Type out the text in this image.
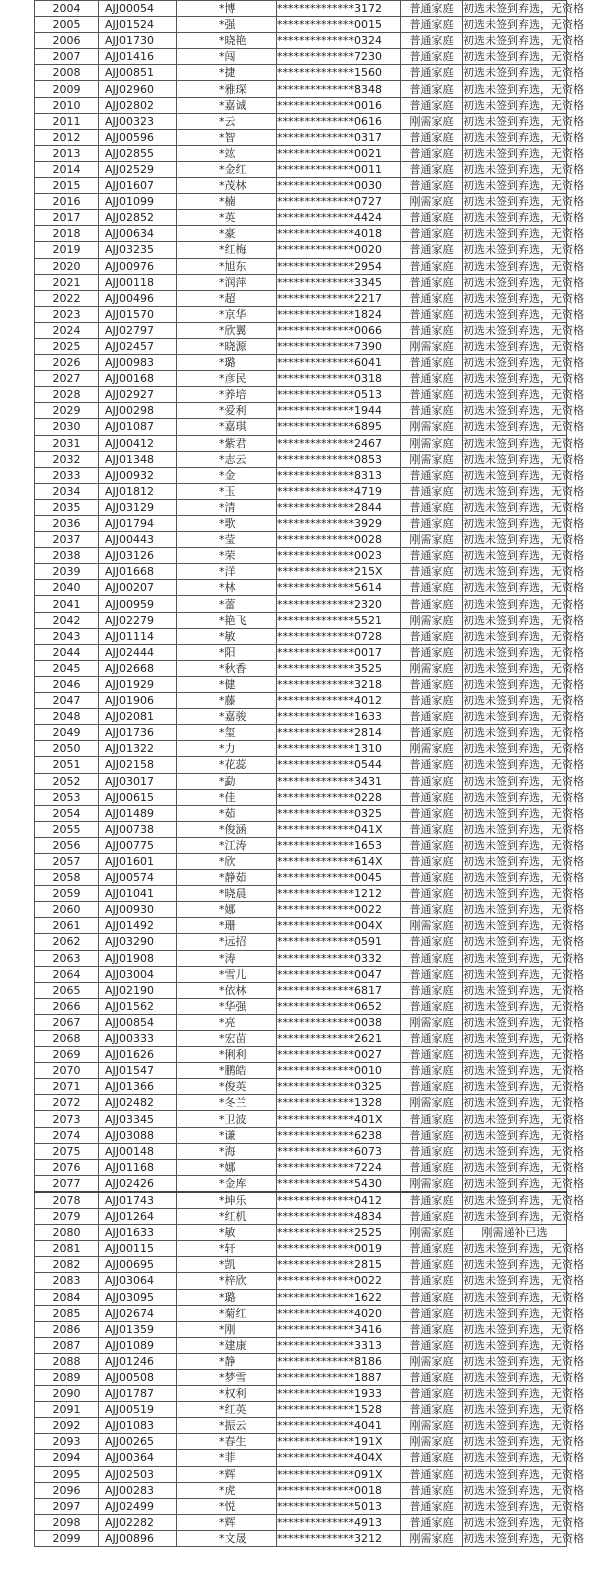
2004	AJJ00054	*博	**************3172	普通家庭	初选未签到弃选，无资格
2005	AJJ01524	*强	**************0015	普通家庭	初选未签到弃选，无资格
2006	AJJ01730	*晓艳	**************0324	普通家庭	初选未签到弃选，无资格
2007	AJJ01416	*闯	**************7230	普通家庭	初选未签到弃选，无资格
2008	AJJ00851	*捷	**************1560	普通家庭	初选未签到弃选，无资格
2009	AJJ02960	*雅琛	**************8348	普通家庭	初选未签到弃选，无资格
2010	AJJ02802	*嘉诚	**************0016	普通家庭	初选未签到弃选，无资格
2011	AJJ00323	*云	**************0616	刚需家庭	初选未签到弃选，无资格
2012	AJJ00596	*智	**************0317	普通家庭	初选未签到弃选，无资格
2013	AJJ02855	*竑	**************0021	普通家庭	初选未签到弃选，无资格
2014	AJJ02529	*金红	**************0011	普通家庭	初选未签到弃选，无资格
2015	AJJ01607	*茂林	**************0030	普通家庭	初选未签到弃选，无资格
2016	AJJ01099	*楠	**************0727	刚需家庭	初选未签到弃选，无资格
2017	AJJ02852	*英	**************4424	普通家庭	初选未签到弃选，无资格
2018	AJJ00634	*豪	**************4018	普通家庭	初选未签到弃选，无资格
2019	AJJ03235	*红梅	**************0020	普通家庭	初选未签到弃选，无资格
2020	AJJ00976	*旭东	**************2954	普通家庭	初选未签到弃选，无资格
2021	AJJ00118	*润萍	**************3345	普通家庭	初选未签到弃选，无资格
2022	AJJ00496	*超	**************2217	普通家庭	初选未签到弃选，无资格
2023	AJJ01570	*京华	**************1824	普通家庭	初选未签到弃选，无资格
2024	AJJ02797	*欣翼	**************0066	普通家庭	初选未签到弃选，无资格
2025	AJJ02457	*晓源	**************7390	刚需家庭	初选未签到弃选，无资格
2026	AJJ00983	*璐	**************6041	普通家庭	初选未签到弃选，无资格
2027	AJJ00168	*彦民	**************0318	普通家庭	初选未签到弃选，无资格
2028	AJJ02927	*养培	**************0513	普通家庭	初选未签到弃选，无资格
2029	AJJ00298	*爱利	**************1944	普通家庭	初选未签到弃选，无资格
2030	AJJ01087	*嘉琪	**************6895	刚需家庭	初选未签到弃选，无资格
2031	AJJ00412	*紫君	**************2467	刚需家庭	初选未签到弃选，无资格
2032	AJJ01348	*志云	**************0853	刚需家庭	初选未签到弃选，无资格
2033	AJJ00932	*金	**************8313	普通家庭	初选未签到弃选，无资格
2034	AJJ01812	*玉	**************4719	普通家庭	初选未签到弃选，无资格
2035	AJJ03129	*清	**************2844	普通家庭	初选未签到弃选，无资格
2036	AJJ01794	*歌	**************3929	普通家庭	初选未签到弃选，无资格
2037	AJJ00443	*莹	**************0028	刚需家庭	初选未签到弃选，无资格
2038	AJJ03126	*荣	**************0023	普通家庭	初选未签到弃选，无资格
2039	AJJ01668	*洋	**************215X	普通家庭	初选未签到弃选，无资格
2040	AJJ00207	*林	**************5614	普通家庭	初选未签到弃选，无资格
2041	AJJ00959	*蕾	**************2320	普通家庭	初选未签到弃选，无资格
2042	AJJ02279	*艳飞	**************5521	刚需家庭	初选未签到弃选，无资格
2043	AJJ01114	*敏	**************0728	普通家庭	初选未签到弃选，无资格
2044	AJJ02444	*阳	**************0017	普通家庭	初选未签到弃选，无资格
2045	AJJ02668	*秋香	**************3525	刚需家庭	初选未签到弃选，无资格
2046	AJJ01929	*健	**************3218	普通家庭	初选未签到弃选，无资格
2047	AJJ01906	*藤	**************4012	普通家庭	初选未签到弃选，无资格
2048	AJJ02081	*嘉骏	**************1633	普通家庭	初选未签到弃选，无资格
2049	AJJ01736	*玺	**************2814	普通家庭	初选未签到弃选，无资格
2050	AJJ01322	*力	**************1310	刚需家庭	初选未签到弃选，无资格
2051	AJJ02158	*花蕊	**************0544	普通家庭	初选未签到弃选，无资格
2052	AJJ03017	*勐	**************3431	普通家庭	初选未签到弃选，无资格
2053	AJJ00615	*佳	**************0228	普通家庭	初选未签到弃选，无资格
2054	AJJ01489	*茹	**************0325	普通家庭	初选未签到弃选，无资格
2055	AJJ00738	*俊涵	**************041X	普通家庭	初选未签到弃选，无资格
2056	AJJ00775	*江涛	**************1653	普通家庭	初选未签到弃选，无资格
2057	AJJ01601	*欣	**************614X	普通家庭	初选未签到弃选，无资格
2058	AJJ00574	*静茹	**************0045	普通家庭	初选未签到弃选，无资格
2059	AJJ01041	*晓晨	**************1212	普通家庭	初选未签到弃选，无资格
2060	AJJ00930	*娜	**************0022	普通家庭	初选未签到弃选，无资格
2061	AJJ01492	*珊	**************004X	刚需家庭	初选未签到弃选，无资格
2062	AJJ03290	*远招	**************0591	普通家庭	初选未签到弃选，无资格
2063	AJJ01908	*涛	**************0332	普通家庭	初选未签到弃选，无资格
2064	AJJ03004	*雪儿	**************0047	普通家庭	初选未签到弃选，无资格
2065	AJJ02190	*依林	**************6817	普通家庭	初选未签到弃选，无资格
2066	AJJ01562	*华强	**************0652	普通家庭	初选未签到弃选，无资格
2067	AJJ00854	*亮	**************0038	刚需家庭	初选未签到弃选，无资格
2068	AJJ00333	*宏苗	**************2621	普通家庭	初选未签到弃选，无资格
2069	AJJ01626	*俐利	**************0027	普通家庭	初选未签到弃选，无资格
2070	AJJ01547	*鹏皓	**************0010	普通家庭	初选未签到弃选，无资格
2071	AJJ01366	*俊英	**************0325	普通家庭	初选未签到弃选，无资格
2072	AJJ02482	*冬兰	**************1328	刚需家庭	初选未签到弃选，无资格
2073	AJJ03345	*卫波	**************401X	普通家庭	初选未签到弃选，无资格
2074	AJJ03088	*谦	**************6238	普通家庭	初选未签到弃选，无资格
2075	AJJ00148	*海	**************6073	普通家庭	初选未签到弃选，无资格
2076	AJJ01168	*娜	**************7224	普通家庭	初选未签到弃选，无资格
2077	AJJ02426	*金库	**************5430	刚需家庭	初选未签到弃选，无资格
2078	AJJ01743	*坤乐	**************0412	普通家庭	初选未签到弃选，无资格
2079	AJJ01264	*红机	**************4834	普通家庭	初选未签到弃选，无资格
2080	AJJ01633	*敏	**************2525	刚需家庭	刚需递补已选
2081	AJJ00115	*轩	**************0019	普通家庭	初选未签到弃选，无资格
2082	AJJ00695	*凯	**************2815	普通家庭	初选未签到弃选，无资格
2083	AJJ03064	*梓欣	**************0022	普通家庭	初选未签到弃选，无资格
2084	AJJ03095	*璐	**************1622	普通家庭	初选未签到弃选，无资格
2085	AJJ02674	*菊红	**************4020	普通家庭	初选未签到弃选，无资格
2086	AJJ01359	*刚	**************3416	普通家庭	初选未签到弃选，无资格
2087	AJJ01089	*建康	**************3313	普通家庭	初选未签到弃选，无资格
2088	AJJ01246	*静	**************8186	刚需家庭	初选未签到弃选，无资格
2089	AJJ00508	*梦雪	**************1887	普通家庭	初选未签到弃选，无资格
2090	AJJ01787	*权利	**************1933	普通家庭	初选未签到弃选，无资格
2091	AJJ00519	*红英	**************1528	普通家庭	初选未签到弃选，无资格
2092	AJJ01083	*振云	**************4041	刚需家庭	初选未签到弃选，无资格
2093	AJJ00265	*春生	**************191X	刚需家庭	初选未签到弃选，无资格
2094	AJJ00364	*菲	**************404X	普通家庭	初选未签到弃选，无资格
2095	AJJ02503	*辉	**************091X	普通家庭	初选未签到弃选，无资格
2096	AJJ00283	*虎	**************0018	普通家庭	初选未签到弃选，无资格
2097	AJJ02499	*悦	**************5013	普通家庭	初选未签到弃选，无资格
2098	AJJ02282	*辉	**************4913	普通家庭	初选未签到弃选，无资格
2099	AJJ00896	*文晟	**************3212	刚需家庭	初选未签到弃选，无资格
